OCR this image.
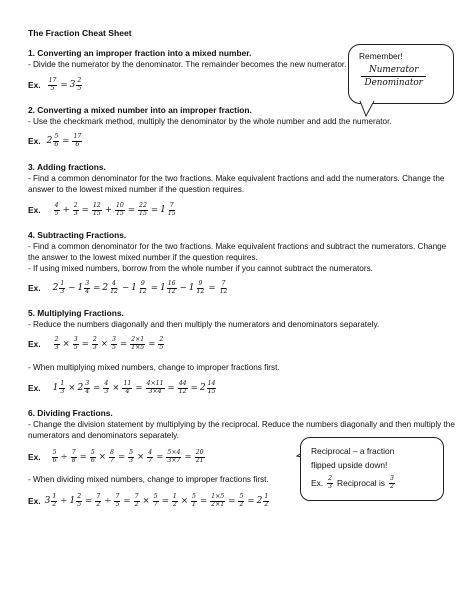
The Fraction Cheat Sheet
Remember!
Numerator
Denominator
1. Converting an improper fraction into a mixed number.
- Divide the numerator by the denominator. The remainder becomes the new numerator.
Ex. $\frac{17}{5} = 3 \frac{2}{5}$
2. Converting a mixed number into an improper fraction.
- Use the checkmark method, multiply the denominator by the whole number and add the numerator.
Ex. $2 \frac{5}{6} = \frac{17}{6}$
3. Adding fractions.
- Find a common denominator for the two fractions. Make equivalent fractions and add the numerators. Change the
answer to the lowest mixed number if the question requires.
Ex. $\frac{4}{5} + \frac{2}{3} = \frac{12}{15} + \frac{10}{15} = \frac{22}{15} = 1 \frac{7}{15}$
4. Subtracting Fractions.
- Find a common denominator for the two fractions. Make equivalent fractions and subtract the numerators. Change
the answer to the lowest mixed number if the question requires.
- If using mixed numbers, borrow from the whole number if you cannot subtract the numerators.
Ex. $2 \frac{1}{3} - 1 \frac{3}{4} = 2 \frac{4}{12} - 1 \frac{9}{12} = 1 \frac{16}{12} - 1 \frac{9}{12} = \frac{7}{12}$
5. Multiplying Fractions.
- Reduce the numbers diagonally and then multiply the numerators and denominators separately.
Ex. $\frac{2}{3} \times \frac{3}{5} = \frac{2}{3} \times \frac{3}{5} = \frac{2\times 1}{1\times 5} = \frac{2}{5}$
- When multiplying mixed numbers, change to improper fractions first.
Ex. $1 \frac{1}{3} \times 2 \frac{3}{4} = \frac{4}{3} \times \frac{11}{4} = \frac{4\times 11}{3\times 4} = \frac{44}{12} = 2 \frac{14}{15}$
6. Dividing Fractions.
- Change the division statement by multiplying by the reciprocal. Reduce the numbers diagonally and then multiply the
numerators and denominators separately.
Ex. $\frac{5}{6} \div \frac{7}{8} = \frac{5}{6} \times \frac{8}{7} = \frac{5}{3} \times \frac{4}{7} = \frac{5\times 4}{3\times 7} = \frac{20}{21}$
- When dividing mixed numbers, change to improper fractions first.
Ex. $3 \frac{1}{2} \div 1 \frac{2}{5} = \frac{7}{2} \div \frac{7}{5} = \frac{7}{2} \times \frac{5}{7} = \frac{1}{2} \times \frac{5}{1} = \frac{1\times 5}{2\times 1} = \frac{5}{2} = 2 \frac{1}{2}$
Reciprocal – a fraction
flipped upside down!
Ex. $\frac{2}{3}$ Reciprocal is $\frac{3}{2}$
